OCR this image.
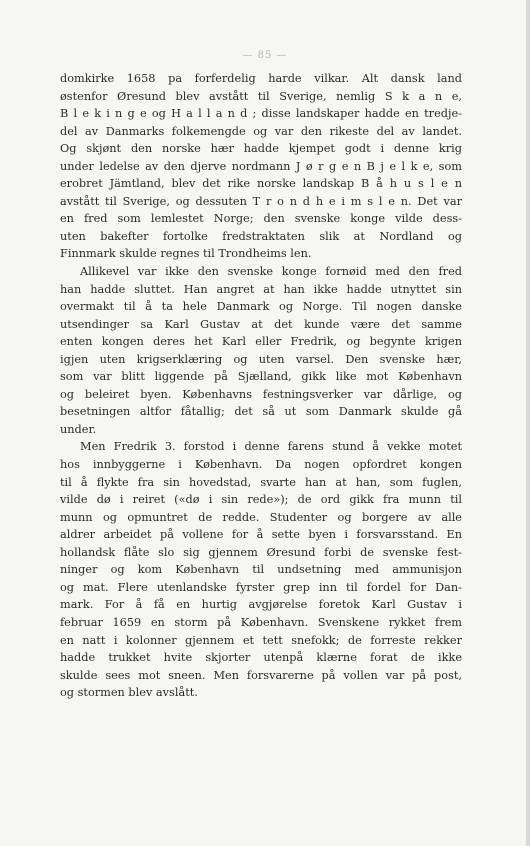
— 85 —
domkirke 1658 pa forferdelig harde vilkar. Alt dansk land
østenfor Øresund blev avstått til Sverige, nemlig S k a n e,
B l e k i n g e og H a l l a n d ; disse landskaper hadde en tredje-
del av Danmarks folkemengde og var den rikeste del av landet.
Og skjønt den norske hær hadde kjempet godt i denne krig
under ledelse av den djerve nordmann J ø r g e n B j e l k e, som
erobret Jämtland, blev det rike norske landskap B å h u s l e n
avstått til Sverige, og dessuten T r o n d h e i m s l e n. Det var
en fred som lemlestet Norge; den svenske konge vilde dess-
uten bakefter fortolke fredstraktaten slik at Nordland og
Finnmark skulde regnes til Trondheims len.
Allikevel var ikke den svenske konge fornøid med den fred
han hadde sluttet. Han angret at han ikke hadde utnyttet sin
overmakt til å ta hele Danmark og Norge. Til nogen danske
utsendinger sa Karl Gustav at det kunde være det samme
enten kongen deres het Karl eller Fredrik, og begynte krigen
igjen uten krigserklæring og uten varsel. Den svenske hær,
som var blitt liggende på Sjælland, gikk like mot København
og beleiret byen. Københavns festningsverker var dårlige, og
besetningen altfor fåtallig; det så ut som Danmark skulde gå
under.
Men Fredrik 3. forstod i denne farens stund å vekke motet
hos innbyggerne i København. Da nogen opfordret kongen
til å flykte fra sin hovedstad, svarte han at han, som fuglen,
vilde dø i reiret («dø i sin rede»); de ord gikk fra munn til
munn og opmuntret de redde. Studenter og borgere av alle
aldrer arbeidet på vollene for å sette byen i forsvarsstand. En
hollandsk flåte slo sig gjennem Øresund forbi de svenske fest-
ninger og kom København til undsetning med ammunisjon
og mat. Flere utenlandske fyrster grep inn til fordel for Dan-
mark. For å få en hurtig avgjørelse foretok Karl Gustav i
februar 1659 en storm på København. Svenskene rykket frem
en natt i kolonner gjennem et tett snefokk; de forreste rekker
hadde trukket hvite skjorter utenpå klærne forat de ikke
skulde sees mot sneen. Men forsvarerne på vollen var på post,
og stormen blev avslått.
